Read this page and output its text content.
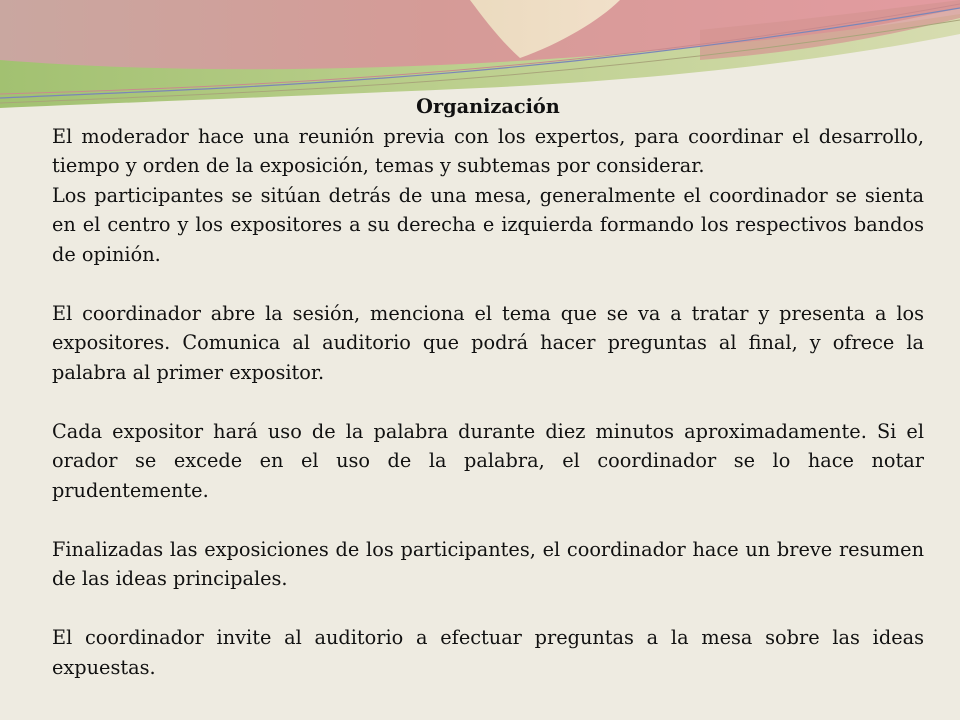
Organización

El moderador hace una reunión previa con los expertos, para coordinar el desarrollo, tiempo y orden de la exposición, temas y subtemas por considerar.

Los participantes se sitúan detrás de una mesa, generalmente el coordinador se sienta en el centro y los expositores a su derecha e izquierda formando los respectivos bandos de opinión.

El coordinador abre la sesión, menciona el tema que se va a tratar y presenta a los expositores. Comunica al auditorio que podrá hacer preguntas al final, y ofrece la palabra al primer expositor.

Cada expositor hará uso de la palabra durante diez minutos aproximadamente. Si el orador se excede en el uso de la palabra, el coordinador se lo hace notar prudentemente.

Finalizadas las exposiciones de los participantes, el coordinador hace un breve resumen de las ideas principales.

El coordinador invite al auditorio a efectuar preguntas a la mesa sobre las ideas expuestas.
